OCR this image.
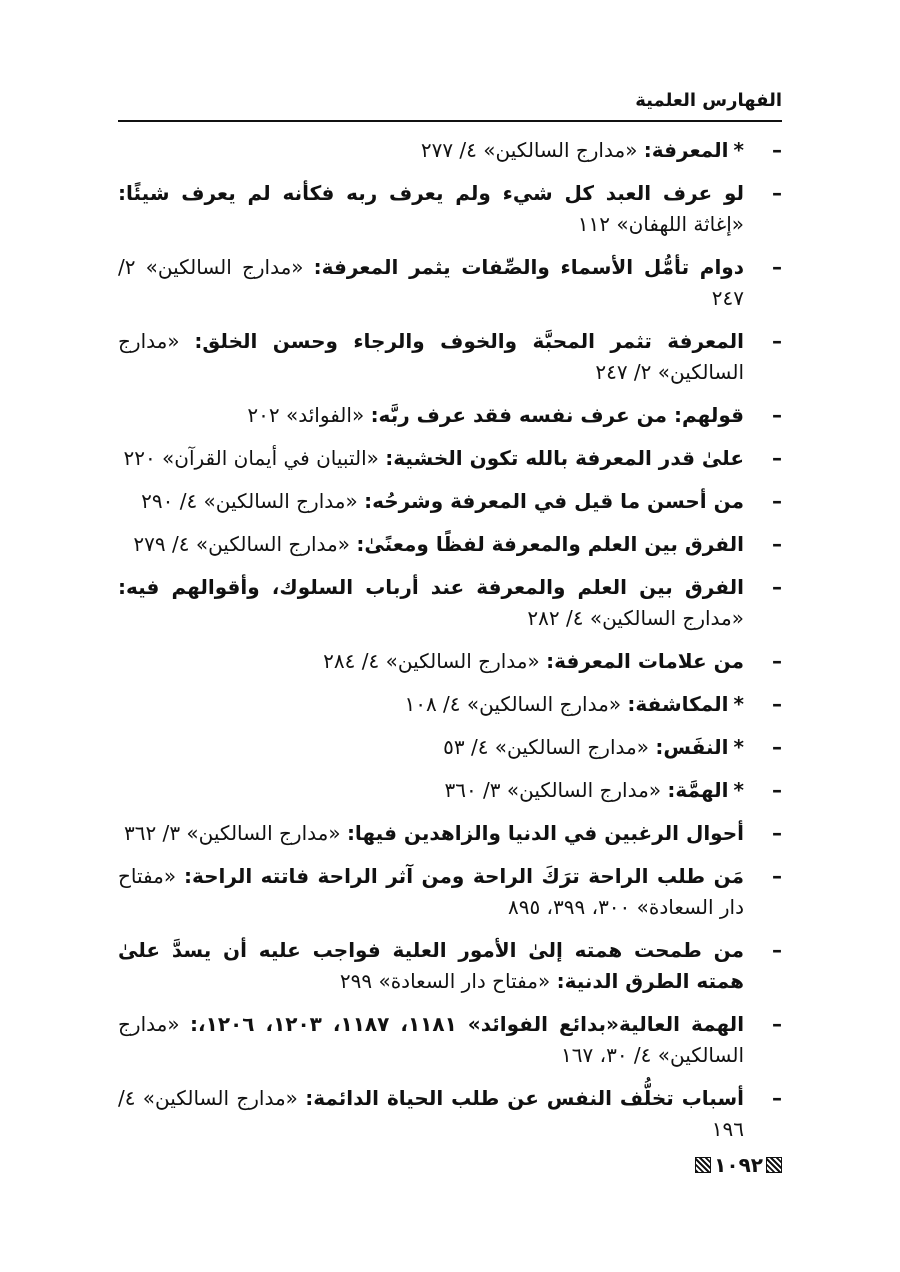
الفهارس العلمية
–
*المعرفة: «مدارج السالكين» ٤/ ٢٧٧
–
لو عرف العبد كل شيء ولم يعرف ربه فكأنه لم يعرف شيئًا: «إغاثة اللهفان» ١١٢
–
دوام تأمُّل الأسماء والصِّفات يثمر المعرفة: «مدارج السالكين» ٢/ ٢٤٧
–
المعرفة تثمر المحبَّة والخوف والرجاء وحسن الخلق: «مدارج السالكين» ٢/ ٢٤٧
–
قولهم: من عرف نفسه فقد عرف ربَّه: «الفوائد» ٢٠٢
–
علىٰ قدر المعرفة بالله تكون الخشية: «التبيان في أيمان القرآن» ٢٢٠
–
من أحسن ما قيل في المعرفة وشرحُه: «مدارج السالكين» ٤/ ٢٩٠
–
الفرق بين العلم والمعرفة لفظًا ومعنًىٰ: «مدارج السالكين» ٤/ ٢٧٩
–
الفرق بين العلم والمعرفة عند أرباب السلوك، وأقوالهم فيه: «مدارج السالكين» ٤/ ٢٨٢
–
من علامات المعرفة: «مدارج السالكين» ٤/ ٢٨٤
–
*المكاشفة: «مدارج السالكين» ٤/ ١٠٨
–
*النفَس: «مدارج السالكين» ٤/ ٥٣
–
*الهمَّة: «مدارج السالكين» ٣/ ٣٦٠
–
أحوال الرغبين في الدنيا والزاهدين فيها: «مدارج السالكين» ٣/ ٣٦٢
–
مَن طلب الراحة ترَكَ الراحة ومن آثر الراحة فاتته الراحة: «مفتاح دار السعادة» ٣٠٠، ٣٩٩، ٨٩٥
–
من طمحت همته إلىٰ الأمور العلية فواجب عليه أن يسدَّ علىٰ همته الطرق الدنية: «مفتاح دار السعادة» ٢٩٩
–
الهمة العالية«بدائع الفوائد» ١١٨١، ١١٨٧، ١٢٠٣، ١٢٠٦،: «مدارج السالكين» ٤/ ٣٠، ١٦٧
–
أسباب تخلُّف النفس عن طلب الحياة الدائمة: «مدارج السالكين» ٤/ ١٩٦
١٠٩٢
